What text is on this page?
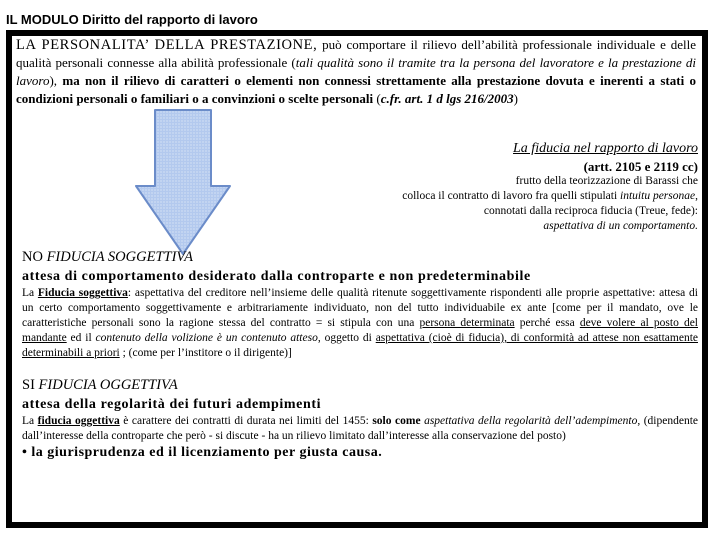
IL MODULO Diritto del rapporto di lavoro
LA PERSONALITA’ DELLA PRESTAZIONE, può comportare il rilievo dell’abilità professionale individuale e delle qualità personali connesse alla abilità professionale (tali qualità sono il tramite tra la persona del lavoratore e la prestazione di lavoro), ma non il rilievo di caratteri o elementi non connessi strettamente alla prestazione dovuta e inerenti a stati o condizioni personali o familiari o a convinzioni o scelte personali (c.fr. art. 1 d lgs 216/2003)
La fiducia nel rapporto di lavoro
(artt. 2105 e 2119 cc)
frutto della teorizzazione di Barassi che
colloca il contratto di lavoro fra quelli stipulati intuitu personae,
connotati dalla reciproca fiducia (Treue, fede):
aspettativa di un comportamento.
NO FIDUCIA SOGGETTIVA
attesa di comportamento desiderato dalla controparte e non predeterminabile
La Fiducia soggettiva: aspettativa del creditore nell’insieme delle qualità ritenute soggettivamente rispondenti alle proprie aspettative: attesa di un certo comportamento soggettivamente e arbitrariamente individuato, non del tutto individuabile ex ante [come per il mandato, ove le caratteristiche personali sono la ragione stessa del contratto = si stipula con una persona determinata perché essa deve volere al posto del mandante ed il contenuto della volizione è un contenuto atteso, oggetto di aspettativa (cioè di fiducia), di conformità ad attese non esattamente determinabili a priori ; (come per l’institore o il dirigente)]
SI FIDUCIA OGGETTIVA
attesa della regolarità dei futuri adempimenti
La fiducia oggettiva è carattere dei contratti di durata nei limiti del 1455: solo come aspettativa della regolarità dell’adempimento, (dipendente dall’interesse della controparte che però - si discute - ha un rilievo limitato dall’interesse alla conservazione del posto)
• la giurisprudenza ed il licenziamento per giusta causa.
